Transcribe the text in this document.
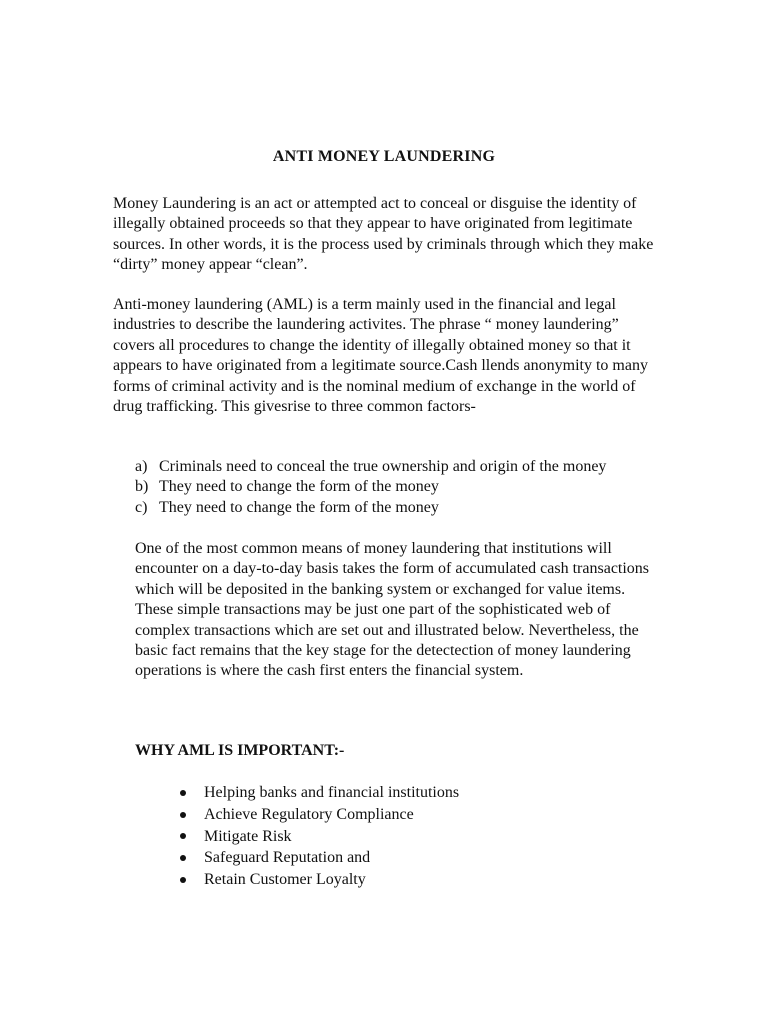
ANTI MONEY LAUNDERING

Money Laundering is an act or attempted act to conceal or disguise the identity of illegally obtained proceeds so that they appear to have originated from legitimate sources. In other words, it is the process used by criminals through which they make “dirty” money appear “clean”.

Anti-money laundering (AML) is a term mainly used in the financial and legal industries to describe the laundering activites. The phrase “ money laundering” covers all procedures to change the identity of illegally obtained money so that it appears to have originated from a legitimate source.Cash llends anonymity to many forms of criminal activity and is the nominal medium of exchange in the world of drug trafficking. This givesrise to three common factors-

a) Criminals need to conceal the true ownership and origin of the money
b) They need to change the form of the money
c) They need to change the form of the money

One of the most common means of money laundering that institutions will encounter on a day-to-day basis takes the form of accumulated cash transactions which will be deposited in the banking system or exchanged for value items. These simple transactions may be just one part of the sophisticated web of complex transactions which are set out and illustrated below. Nevertheless, the basic fact remains that the key stage for the detectection of money laundering operations is where the cash first enters the financial system.

WHY AML IS IMPORTANT:-
Helping banks and financial institutions
Achieve Regulatory Compliance
Mitigate Risk
Safeguard Reputation and
Retain Customer Loyalty
